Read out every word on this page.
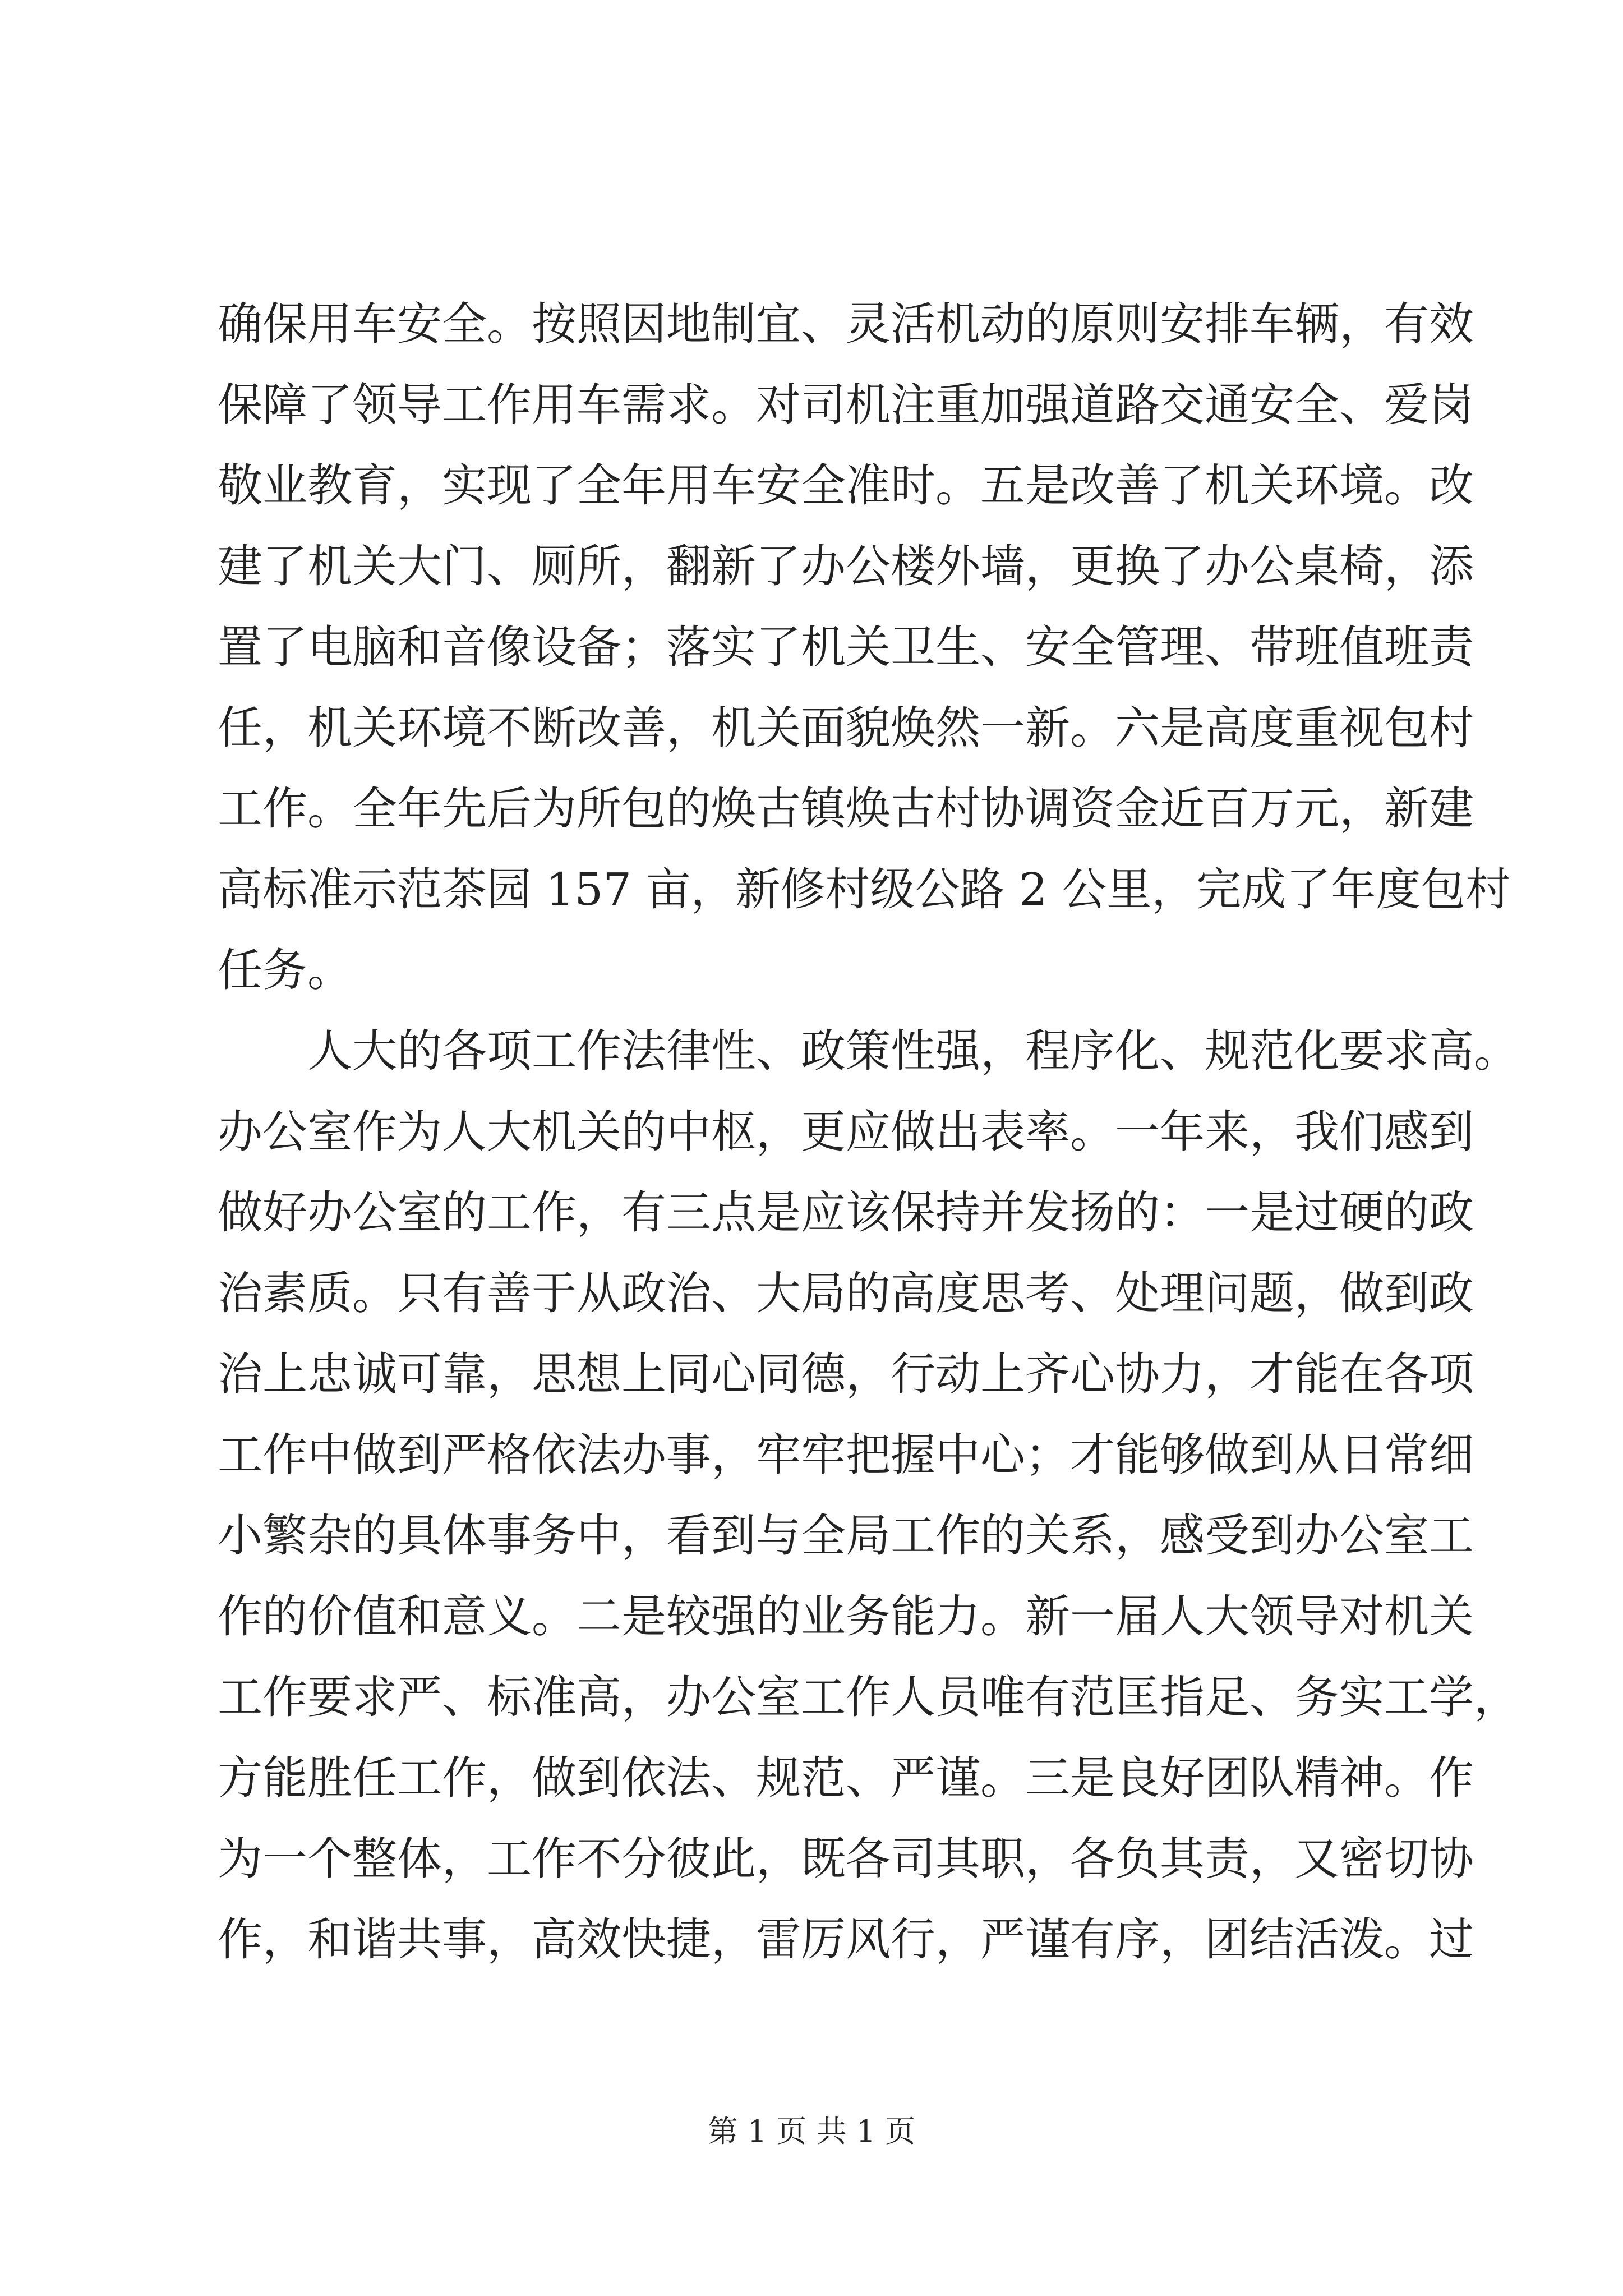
确保用车安全。按照因地制宜、灵活机动的原则安排车辆，有效
保障了领导工作用车需求。对司机注重加强道路交通安全、爱岗
敬业教育，实现了全年用车安全准时。五是改善了机关环境。改
建了机关大门、厕所，翻新了办公楼外墙，更换了办公桌椅，添
置了电脑和音像设备；落实了机关卫生、安全管理、带班值班责
任，机关环境不断改善，机关面貌焕然一新。六是高度重视包村
工作。全年先后为所包的焕古镇焕古村协调资金近百万元，新建
高标准示范茶园 157 亩，新修村级公路 2 公里，完成了年度包村
任务。
人大的各项工作法律性、政策性强，程序化、规范化要求高。
办公室作为人大机关的中枢，更应做出表率。一年来，我们感到
做好办公室的工作，有三点是应该保持并发扬的：一是过硬的政
治素质。只有善于从政治、大局的高度思考、处理问题，做到政
治上忠诚可靠，思想上同心同德，行动上齐心协力，才能在各项
工作中做到严格依法办事，牢牢把握中心；才能够做到从日常细
小繁杂的具体事务中，看到与全局工作的关系，感受到办公室工
作的价值和意义。二是较强的业务能力。新一届人大领导对机关
工作要求严、标准高，办公室工作人员唯有范匡指足、务实工学，
方能胜任工作，做到依法、规范、严谨。三是良好团队精神。作
为一个整体，工作不分彼此，既各司其职，各负其责，又密切协
作，和谐共事，高效快捷，雷厉风行，严谨有序，团结活泼。过
第 1 页 共 1 页
